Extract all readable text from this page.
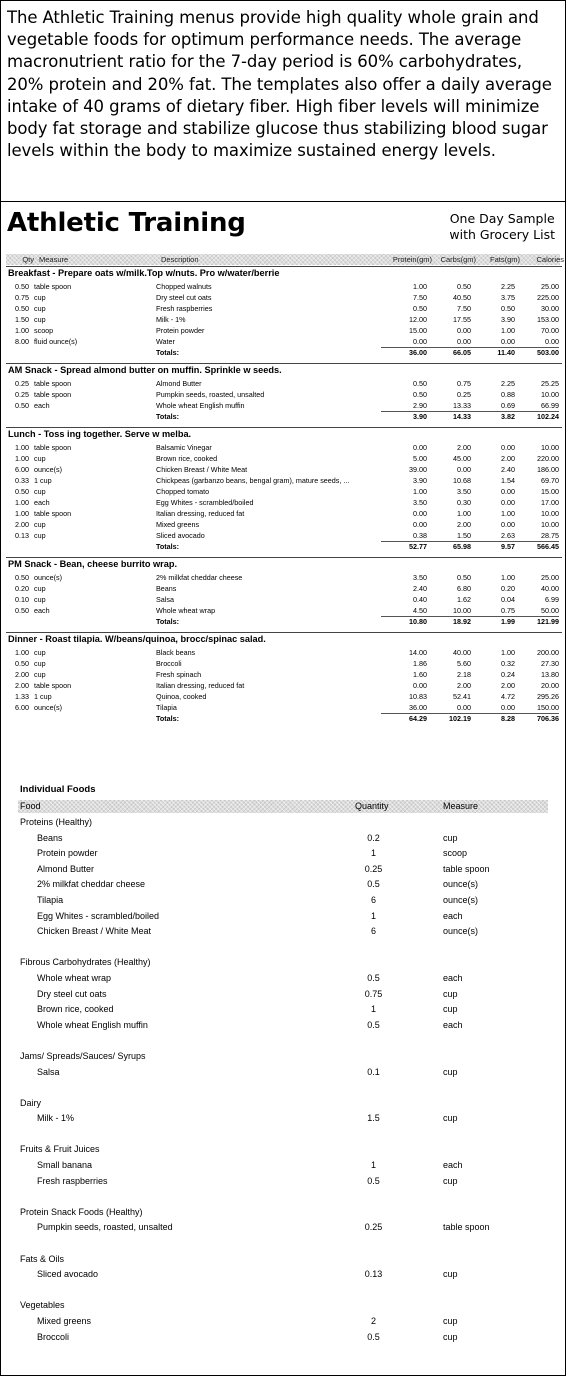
The Athletic Training menus provide high quality whole grain and vegetable foods for optimum performance needs. The average macronutrient ratio for the 7-day period is 60% carbohydrates, 20% protein and 20% fat. The templates also offer a daily average intake of 40 grams of dietary fiber. High fiber levels will minimize body fat storage and stabilize glucose thus stabilizing blood sugar levels within the body to maximize sustained energy levels.

Athletic Training	One Day Sample
with Grocery List
Qty Measure	Description	Protein(gm)	Carbs(gm)	Fats(gm)	Calories
Breakfast - Prepare oats w/milk.Top w/nuts. Pro w/water/berrie
0.50 table spoon	Chopped walnuts	1.00	0.50	2.25	25.00
0.75 cup	Dry steel cut oats	7.50	40.50	3.75	225.00
0.50 cup	Fresh raspberries	0.50	7.50	0.50	30.00
1.50 cup	Milk - 1%	12.00	17.55	3.90	153.00
1.00 scoop	Protein powder	15.00	0.00	1.00	70.00
8.00 fluid ounce(s)	Water	0.00	0.00	0.00	0.00
Totals:	36.00	66.05	11.40	503.00
AM Snack - Spread almond butter on muffin. Sprinkle w seeds.
0.25 table spoon	Almond Butter	0.50	0.75	2.25	25.25
0.25 table spoon	Pumpkin seeds, roasted, unsalted	0.50	0.25	0.88	10.00
0.50 each	Whole wheat English muffin	2.90	13.33	0.69	66.99
Totals:	3.90	14.33	3.82	102.24
Lunch - Toss ing together. Serve w melba.
1.00 table spoon	Balsamic Vinegar	0.00	2.00	0.00	10.00
1.00 cup	Brown rice, cooked	5.00	45.00	2.00	220.00
6.00 ounce(s)	Chicken Breast / White Meat	39.00	0.00	2.40	186.00
0.33 1 cup	Chickpeas (garbanzo beans, bengal gram), mature seeds, ...	3.90	10.68	1.54	69.70
0.50 cup	Chopped tomato	1.00	3.50	0.00	15.00
1.00 each	Egg Whites - scrambled/boiled	3.50	0.30	0.00	17.00
1.00 table spoon	Italian dressing, reduced fat	0.00	1.00	1.00	10.00
2.00 cup	Mixed greens	0.00	2.00	0.00	10.00
0.13 cup	Sliced avocado	0.38	1.50	2.63	28.75
Totals:	52.77	65.98	9.57	566.45
PM Snack - Bean, cheese burrito wrap.
0.50 ounce(s)	2% milkfat cheddar cheese	3.50	0.50	1.00	25.00
0.20 cup	Beans	2.40	6.80	0.20	40.00
0.10 cup	Salsa	0.40	1.62	0.04	6.99
0.50 each	Whole wheat wrap	4.50	10.00	0.75	50.00
Totals:	10.80	18.92	1.99	121.99
Dinner - Roast tilapia. W/beans/quinoa, brocc/spinac salad.
1.00 cup	Black beans	14.00	40.00	1.00	200.00
0.50 cup	Broccoli	1.86	5.60	0.32	27.30
2.00 cup	Fresh spinach	1.60	2.18	0.24	13.80
2.00 table spoon	Italian dressing, reduced fat	0.00	2.00	2.00	20.00
1.33 1 cup	Quinoa, cooked	10.83	52.41	4.72	295.26
6.00 ounce(s)	Tilapia	36.00	0.00	0.00	150.00
Totals:	64.29	102.19	8.28	706.36
Individual Foods
Food	Quantity	Measure
Proteins (Healthy)
Beans	0.2	cup
Protein powder	1	scoop
Almond Butter	0.25	table spoon
2% milkfat cheddar cheese	0.5	ounce(s)
Tilapia	6	ounce(s)
Egg Whites - scrambled/boiled	1	each
Chicken Breast / White Meat	6	ounce(s)
Fibrous Carbohydrates (Healthy)
Whole wheat wrap	0.5	each
Dry steel cut oats	0.75	cup
Brown rice, cooked	1	cup
Whole wheat English muffin	0.5	each
Jams/ Spreads/Sauces/ Syrups
Salsa	0.1	cup
Dairy
Milk - 1%	1.5	cup
Fruits & Fruit Juices
Small banana	1	each
Fresh raspberries	0.5	cup
Protein Snack Foods (Healthy)
Pumpkin seeds, roasted, unsalted	0.25	table spoon
Fats & Oils
Sliced avocado	0.13	cup
Vegetables
Mixed greens	2	cup
Broccoli	0.5	cup
